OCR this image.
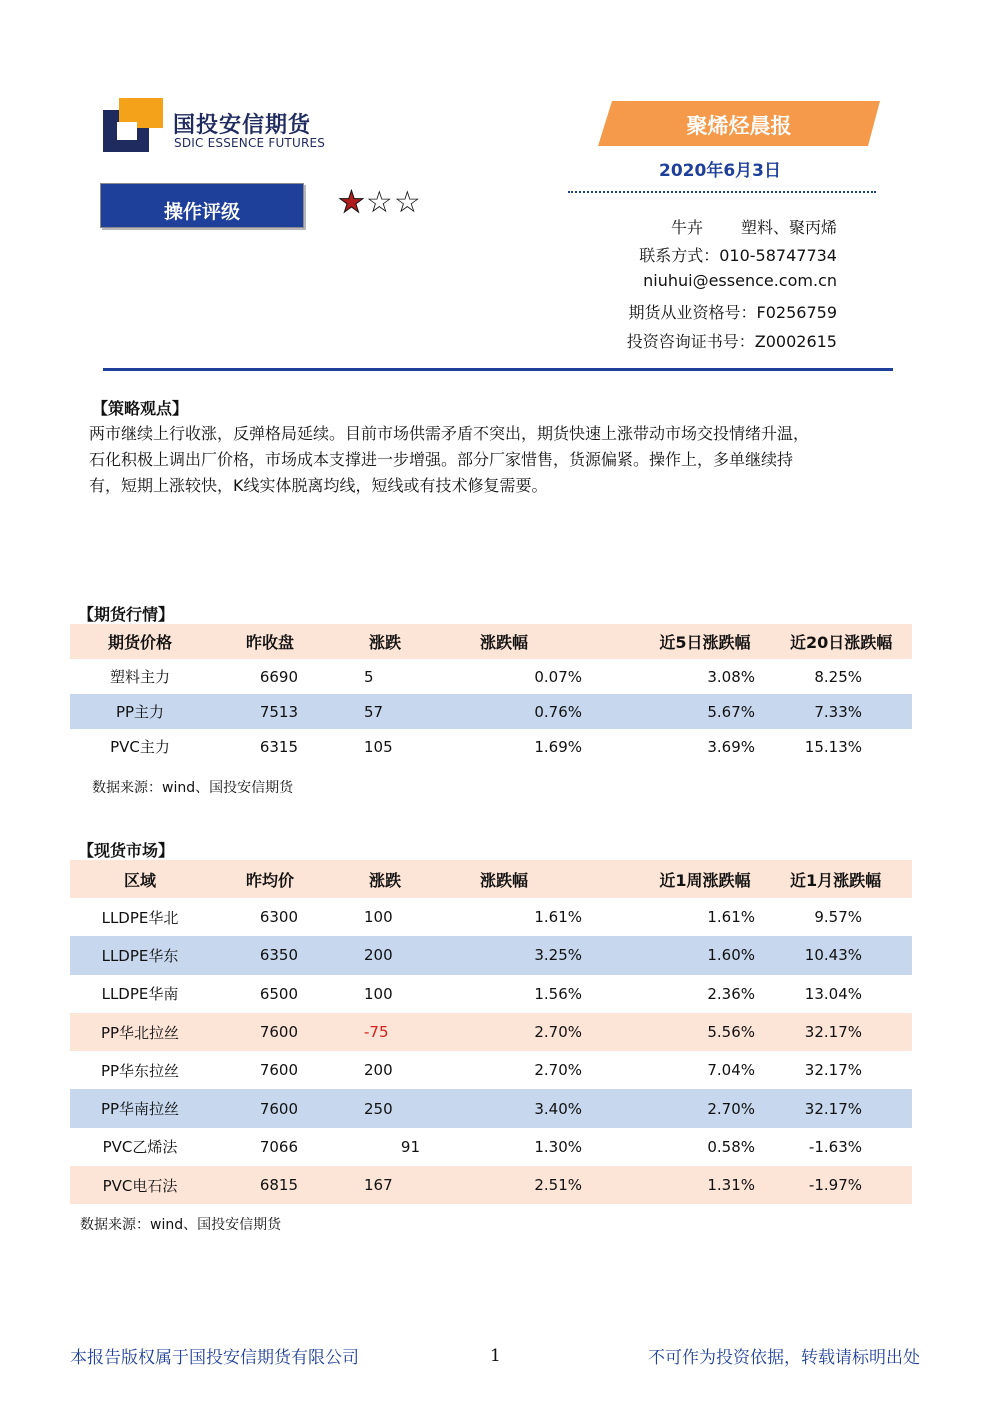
国投安信期货
SDIC ESSENCE FUTURES
聚烯烃晨报
2020年6月3日
操作评级	★☆☆
牛卉 塑料、聚丙烯
联系方式：010-58747734
niuhui@essence.com.cn
期货从业资格号：F0256759
投资咨询证书号：Z0002615
【策略观点】
两市继续上行收涨，反弹格局延续。目前市场供需矛盾不突出，期货快速上涨带动市场交投情绪升温，
石化积极上调出厂价格，市场成本支撑进一步增强。部分厂家惜售，货源偏紧。操作上，多单继续持
有，短期上涨较快，K线实体脱离均线，短线或有技术修复需要。
【期货行情】
期货价格	昨收盘	涨跌	涨跌幅	近5日涨跌幅	近20日涨跌幅
塑料主力	6690	5	0.07%	3.08%	8.25%
PP主力	7513	57	0.76%	5.67%	7.33%
PVC主力	6315	105	1.69%	3.69%	15.13%
数据来源：wind、国投安信期货
【现货市场】
区域	昨均价	涨跌	涨跌幅	近1周涨跌幅	近1月涨跌幅
LLDPE华北	6300	100	1.61%	1.61%	9.57%
LLDPE华东	6350	200	3.25%	1.60%	10.43%
LLDPE华南	6500	100	1.56%	2.36%	13.04%
PP华北拉丝	7600	-75	2.70%	5.56%	32.17%
PP华东拉丝	7600	200	2.70%	7.04%	32.17%
PP华南拉丝	7600	250	3.40%	2.70%	32.17%
PVC乙烯法	7066	91	1.30%	0.58%	-1.63%
PVC电石法	6815	167	2.51%	1.31%	-1.97%
数据来源：wind、国投安信期货
本报告版权属于国投安信期货有限公司	1	不可作为投资依据，转载请标明出处
